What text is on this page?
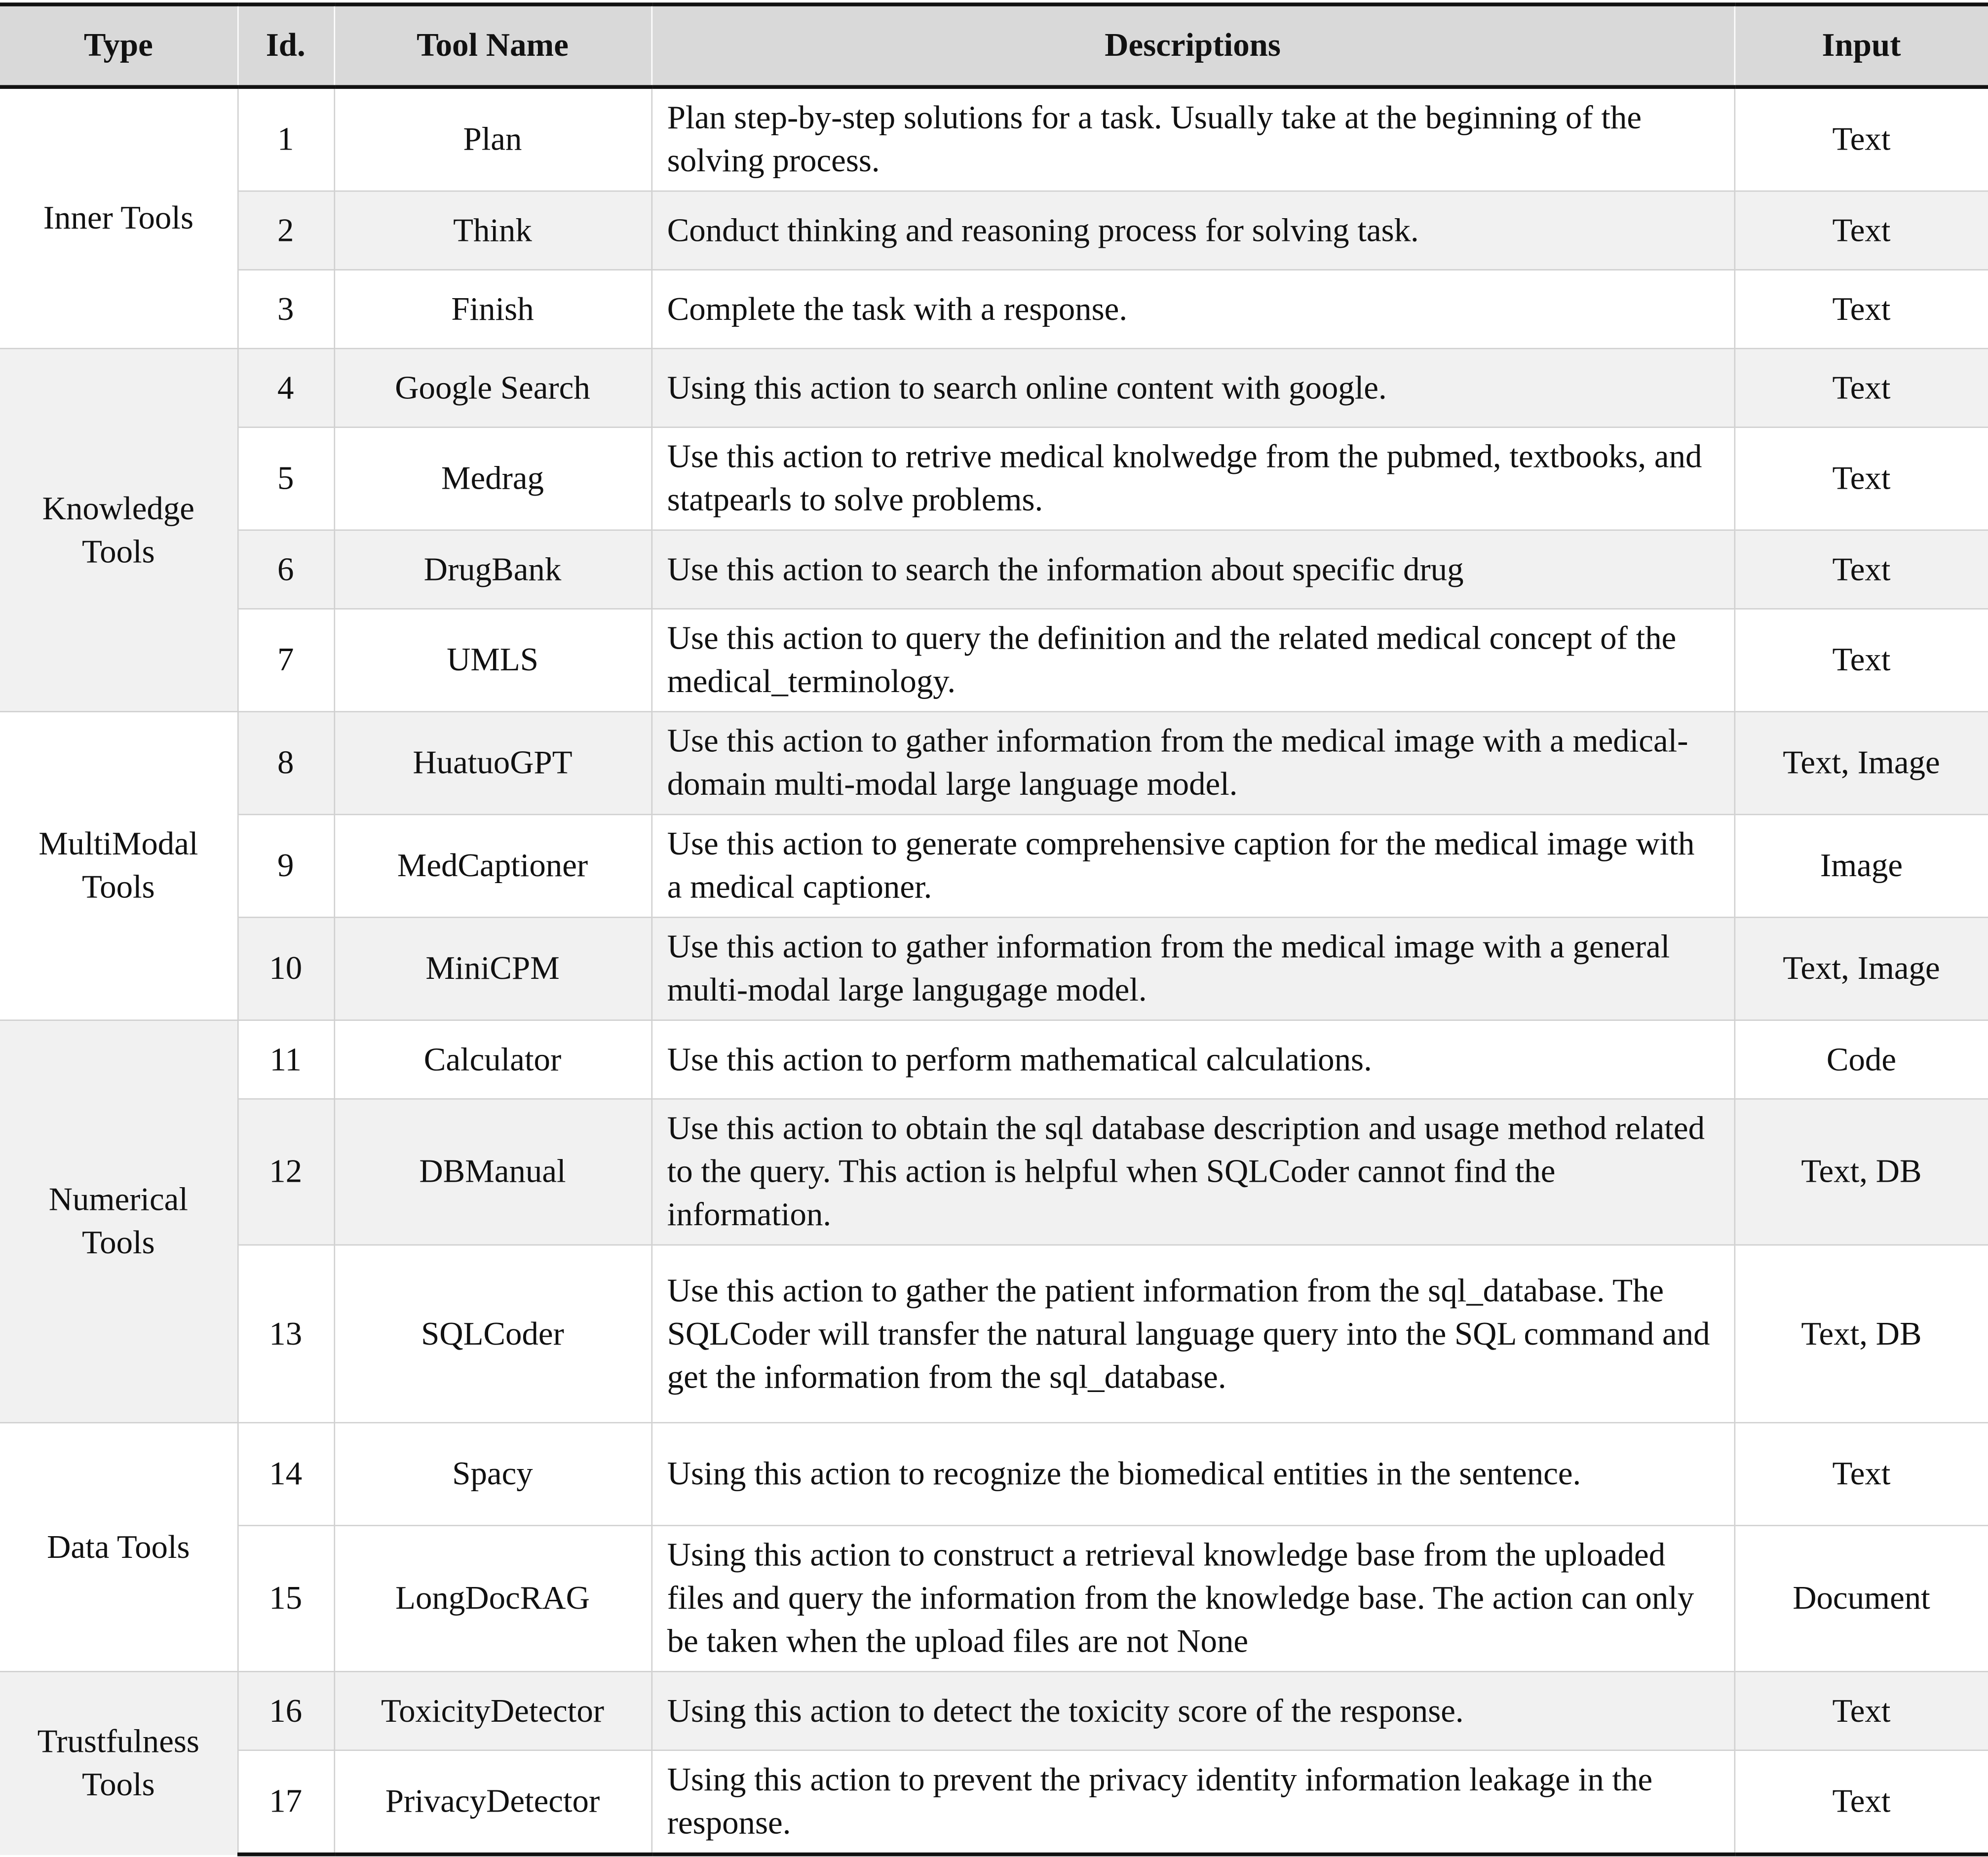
Type	Id.	Tool Name	Descriptions	Input
Inner Tools	1	Plan	Plan step-by-step solutions for a task. Usually take at the beginning of the solving process.	Text
	2	Think	Conduct thinking and reasoning process for solving task.	Text
	3	Finish	Complete the task with a response.	Text
Knowledge Tools	4	Google Search	Using this action to search online content with google.	Text
	5	Medrag	Use this action to retrive medical knolwedge from the pubmed, textbooks, and statpearls to solve problems.	Text
	6	DrugBank	Use this action to search the information about specific drug	Text
	7	UMLS	Use this action to query the definition and the related medical concept of the medical_terminology.	Text
MultiModal Tools	8	HuatuoGPT	Use this action to gather information from the medical image with a medical-domain multi-modal large language model.	Text, Image
	9	MedCaptioner	Use this action to generate comprehensive caption for the medical image with a medical captioner.	Image
	10	MiniCPM	Use this action to gather information from the medical image with a general multi-modal large langugage model.	Text, Image
Numerical Tools	11	Calculator	Use this action to perform mathematical calculations.	Code
	12	DBManual	Use this action to obtain the sql database description and usage method related to the query. This action is helpful when SQLCoder cannot find the information.	Text, DB
	13	SQLCoder	Use this action to gather the patient information from the sql_database. The SQLCoder will transfer the natural language query into the SQL command and get the information from the sql_database.	Text, DB
Data Tools	14	Spacy	Using this action to recognize the biomedical entities in the sentence.	Text
	15	LongDocRAG	Using this action to construct a retrieval knowledge base from the uploaded files and query the information from the knowledge base. The action can only be taken when the upload files are not None	Document
Trustfulness Tools	16	ToxicityDetector	Using this action to detect the toxicity score of the response.	Text
	17	PrivacyDetector	Using this action to prevent the privacy identity information leakage in the response.	Text
